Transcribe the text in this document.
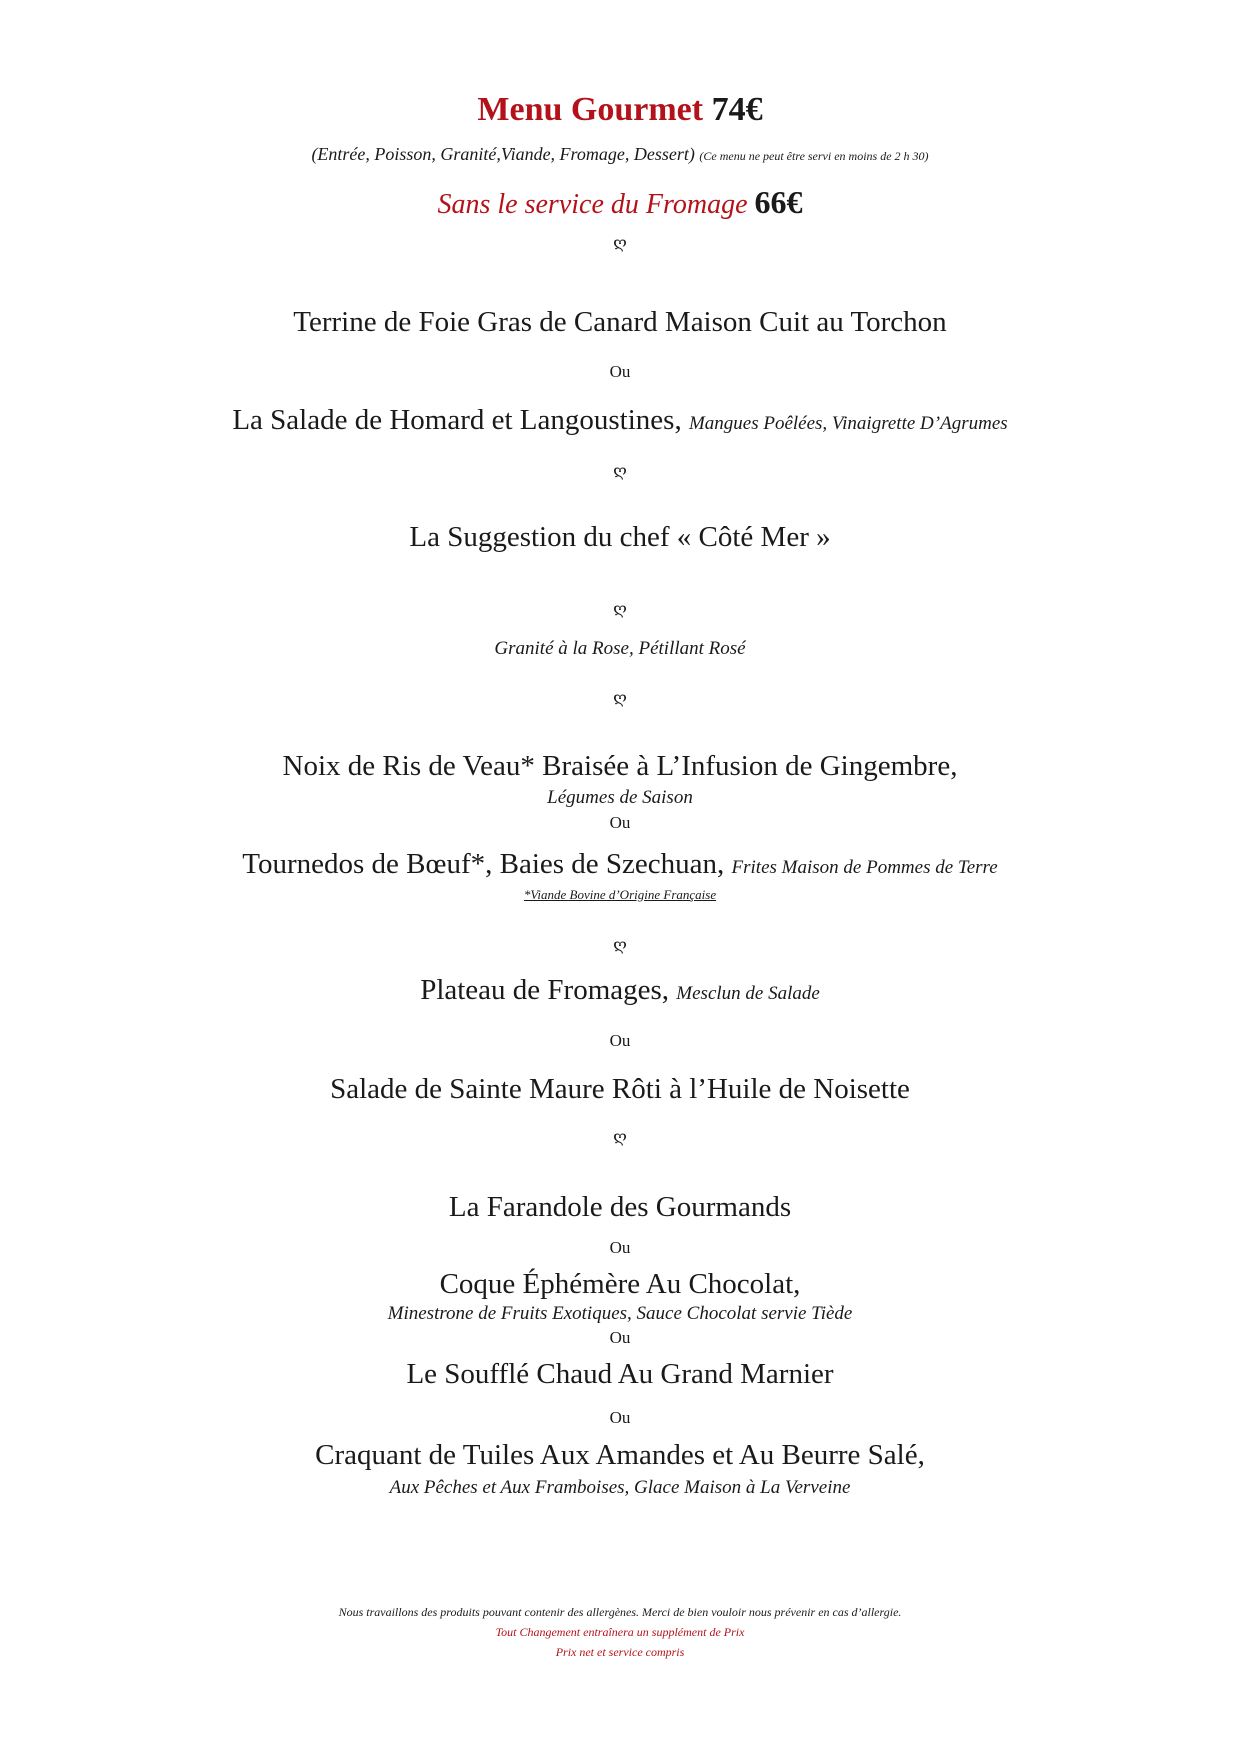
Menu Gourmet 74€
(Entrée, Poisson, Granité,Viande, Fromage, Dessert) (Ce menu ne peut être servi en moins de 2 h 30)
Sans le service du Fromage 66€
ღ
Terrine de Foie Gras de Canard Maison Cuit au Torchon
Ou
La Salade de Homard et Langoustines, Mangues Poêlées, Vinaigrette D’Agrumes
ღ
La Suggestion du chef « Côté Mer »
ღ
Granité à la Rose, Pétillant Rosé
ღ
Noix de Ris de Veau* Braisée à L’Infusion de Gingembre,
Légumes de Saison
Ou
Tournedos de Bœuf*, Baies de Szechuan, Frites Maison de Pommes de Terre
*Viande Bovine d’Origine Française
ღ
Plateau de Fromages, Mesclun de Salade
Ou
Salade de Sainte Maure Rôti à l’Huile de Noisette
ღ
La Farandole des Gourmands
Ou
Coque Éphémère Au Chocolat,
Minestrone de Fruits Exotiques, Sauce Chocolat servie Tiède
Ou
Le Soufflé Chaud Au Grand Marnier
Ou
Craquant de Tuiles Aux Amandes et Au Beurre Salé,
Aux Pêches et Aux Framboises, Glace Maison à La Verveine
Nous travaillons des produits pouvant contenir des allergènes. Merci de bien vouloir nous prévenir en cas d’allergie.
Tout Changement entraînera un supplément de Prix
Prix net et service compris
